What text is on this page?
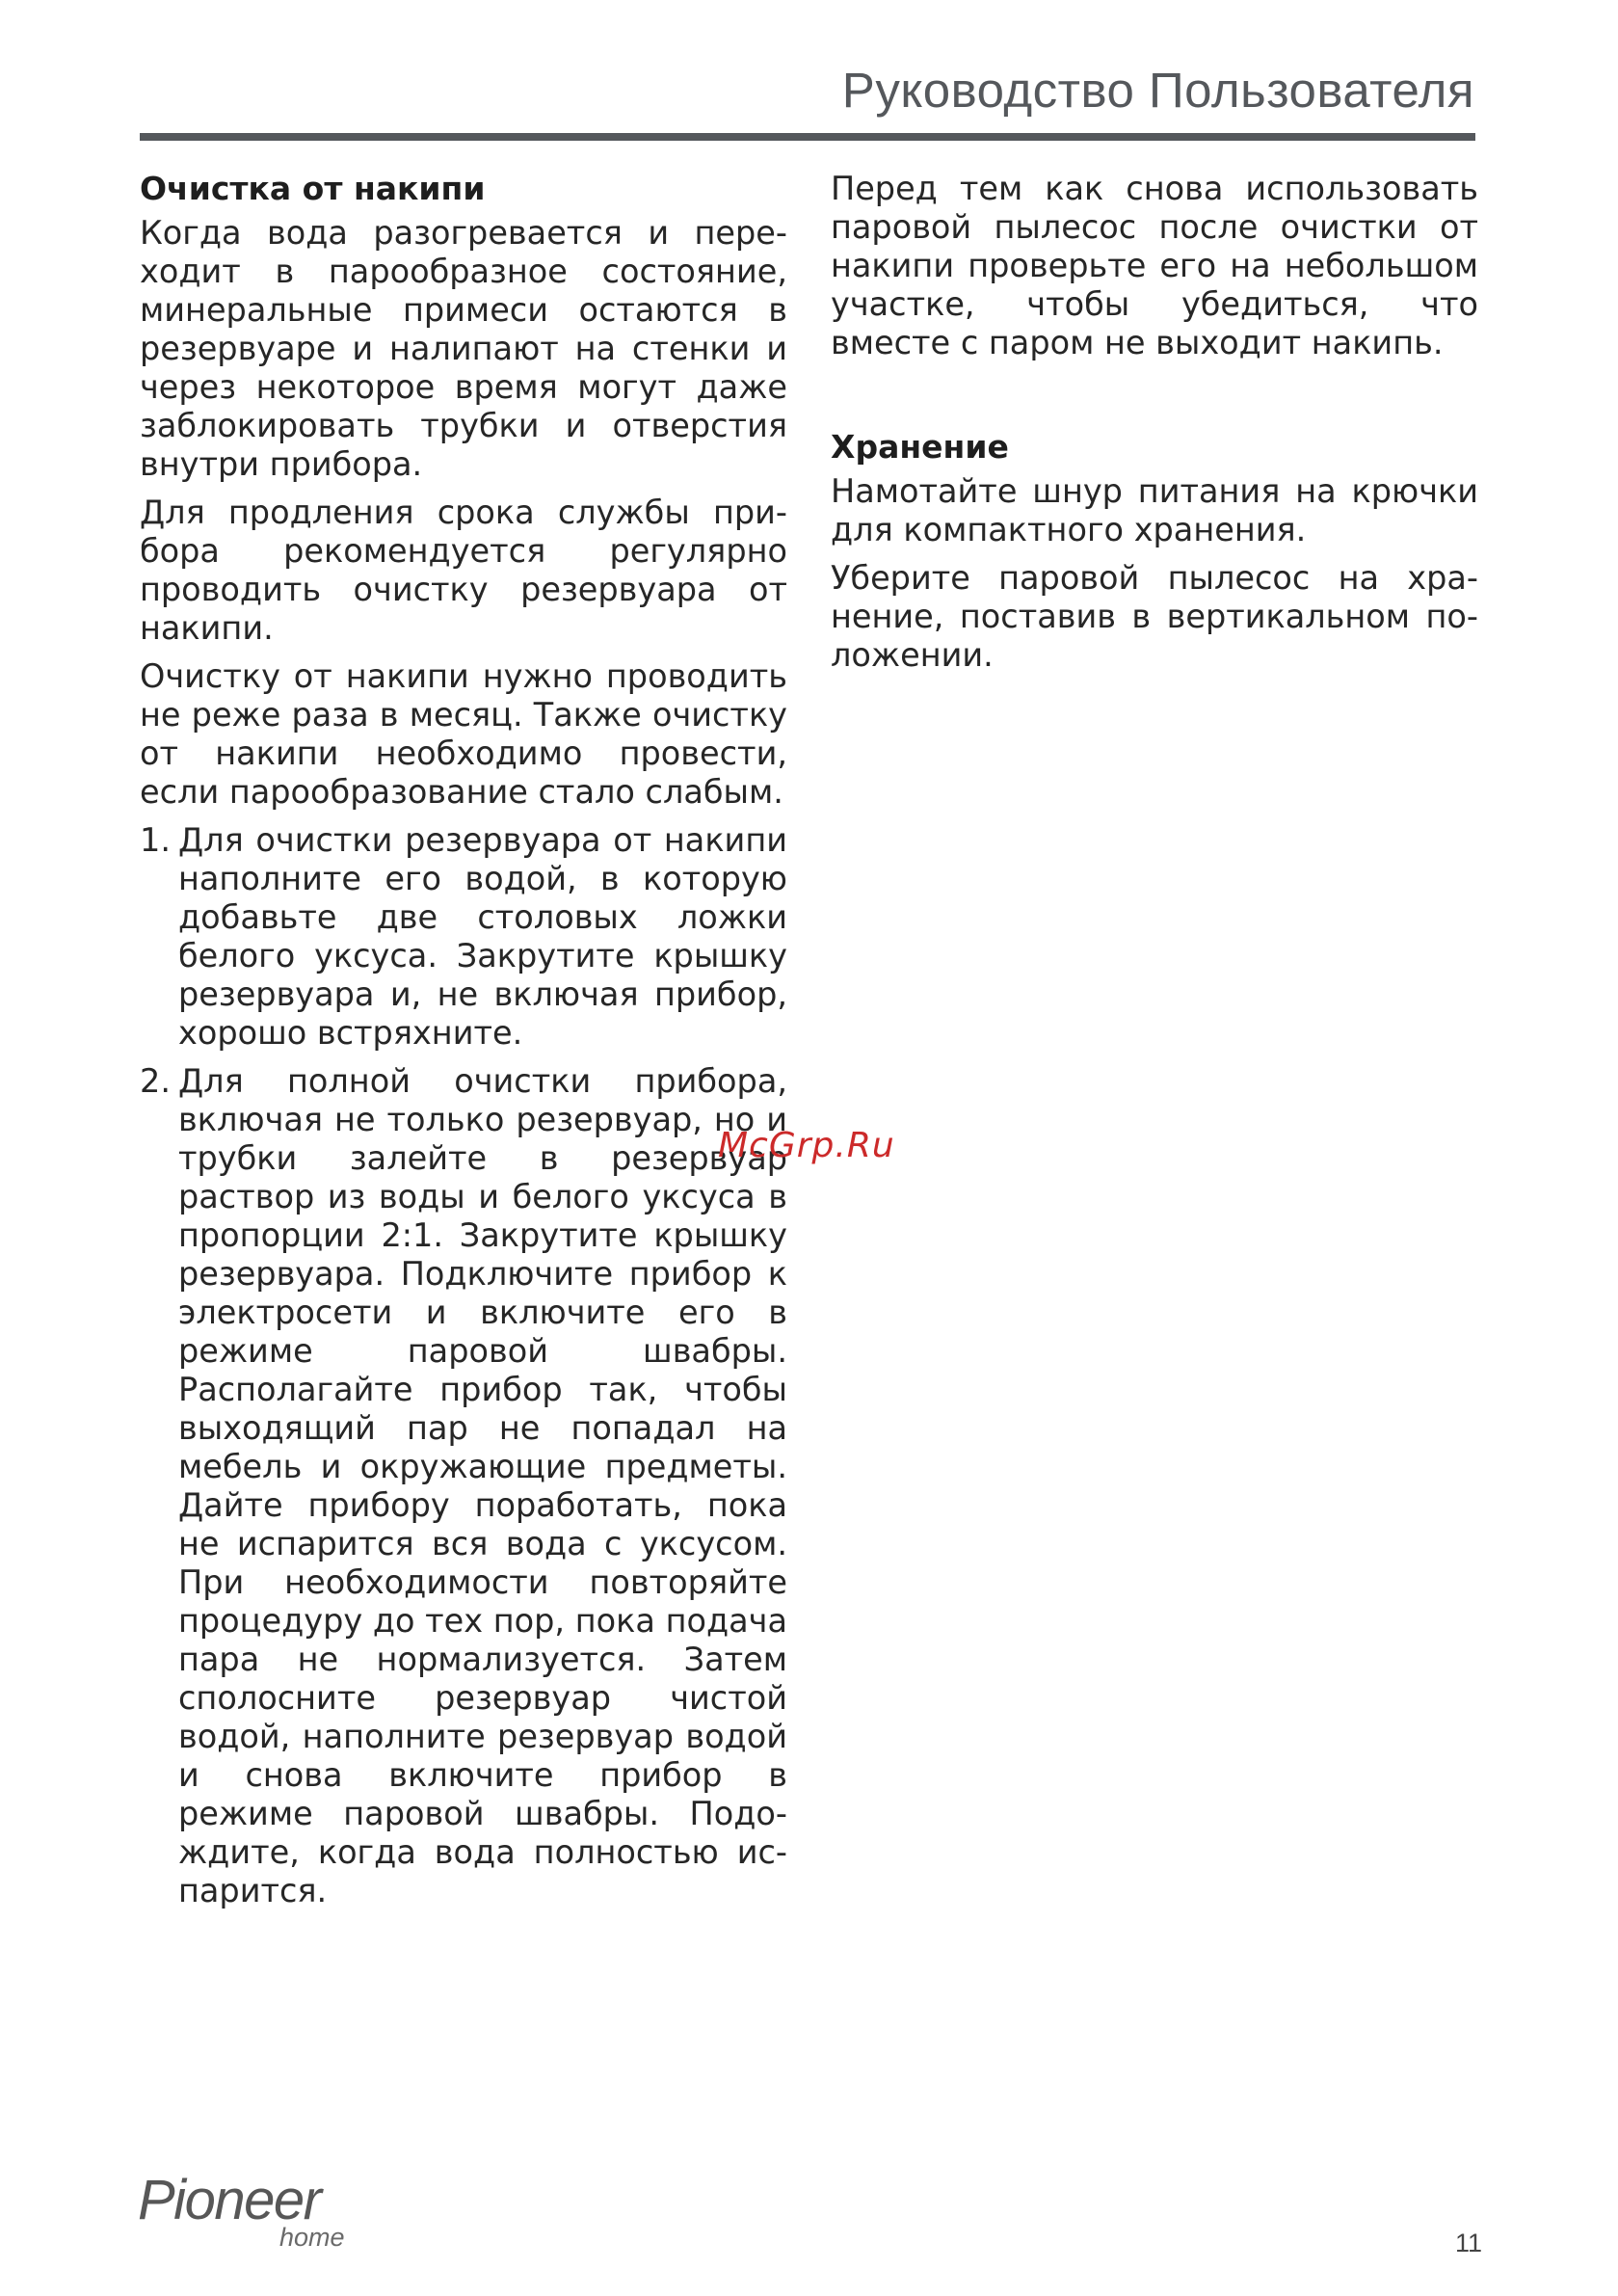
Руководство Пользователя
Очистка от накипи

Когда вода разогревается и переходит в парообразное состояние, минеральные примеси остаются в резервуаре и налипают на стенки и через некоторое время могут даже заблокировать трубки и отверстия внутри прибора.

Для продления срока службы прибора рекомендуется регулярно проводить очистку резервуара от накипи.

Очистку от накипи нужно проводить не реже раза в месяц. Также очистку от накипи необходимо провести, если парообразование стало слабым.

1. Для очистки резервуара от накипи наполните его водой, в которую добавьте две столовых ложки белого уксуса. Закрутите крышку резервуара и, не включая прибор, хорошо встряхните.
2. Для полной очистки прибора, включая не только резервуар, но и трубки залейте в резервуар раствор из воды и белого уксуса в пропорции 2:1. Закрутите крышку резервуара. Подключите прибор к электросети и включите его в режиме паровой швабры. Располагайте прибор так, чтобы выходящий пар не попадал на мебель и окружающие предметы. Дайте прибору поработать, пока не испарится вся вода с уксусом. При необходимости повторяйте процедуру до тех пор, пока подача пара не нормализуется. Затем сполосните резервуар чистой водой, наполните резервуар водой и снова включите прибор в режиме паровой швабры. Подождите, когда вода полностью испарится.

Перед тем как снова использовать паровой пылесос после очистки от накипи проверьте его на небольшом участке, чтобы убедиться, что вместе с паром не выходит накипь.

Хранение

Намотайте шнур питания на крючки для компактного хранения.

Уберите паровой пылесос на хранение, поставив в вертикальном положении.

McGrp.Ru
Pioneer
home	11
